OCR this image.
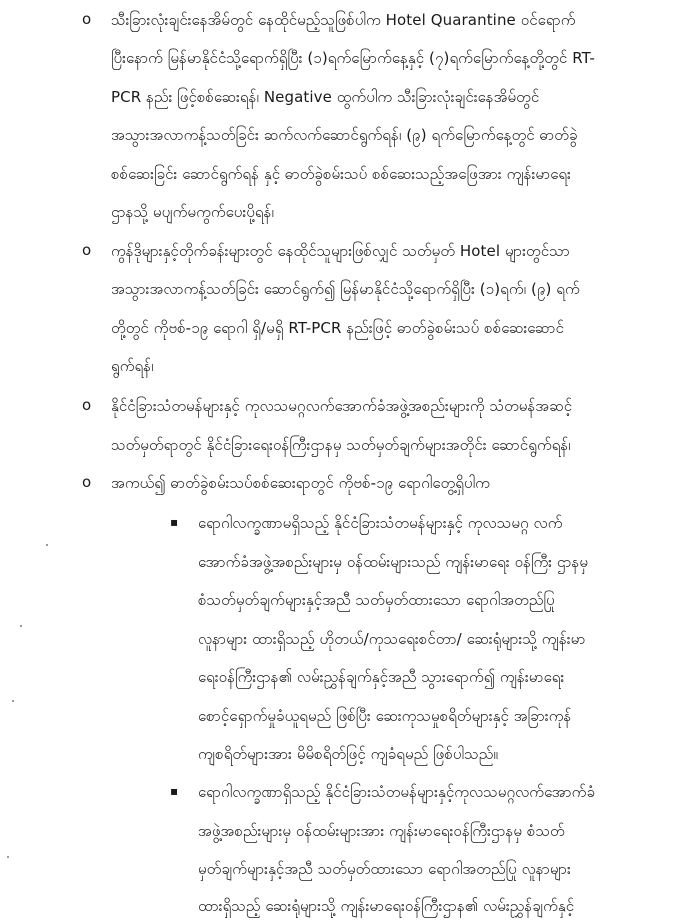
o သီးခြားလုံးချင်းနေအိမ်တွင် နေထိုင်မည့်သူဖြစ်ပါက Hotel Quarantine ဝင်ရောက်
ပြီးနောက် မြန်မာနိုင်ငံသို့ရောက်ရှိပြီး (၁)ရက်မြောက်နေ့နှင့် (၇)ရက်မြောက်နေ့တို့တွင် RT-
PCR နည်း ဖြင့်စစ်ဆေးရန်၊ Negative ထွက်ပါက သီးခြားလုံးချင်းနေအိမ်တွင်
အသွားအလာကန့်သတ်ခြင်း ဆက်လက်ဆောင်ရွက်ရန်၊ (၉) ရက်မြောက်နေ့တွင် ဓာတ်ခွဲ
စစ်ဆေးခြင်း ဆောင်ရွက်ရန် နှင့် ဓာတ်ခွဲစမ်းသပ် စစ်ဆေးသည့်အဖြေအား ကျန်းမာရေး
ဌာနသို့ မပျက်မကွက်ပေးပို့ရန်၊
o ကွန်ဒိုများနှင့်တိုက်ခန်းများတွင် နေထိုင်သူများဖြစ်လျှင် သတ်မှတ် Hotel များတွင်သာ
အသွားအလာကန့်သတ်ခြင်း ဆောင်ရွက်၍ မြန်မာနိုင်ငံသို့ရောက်ရှိပြီး (၁)ရက်၊ (၉) ရက်
တို့တွင် ကိုဗစ်-၁၉ ရောဂါ ရှိ/မရှိ RT-PCR နည်းဖြင့် ဓာတ်ခွဲစမ်းသပ် စစ်ဆေးဆောင်
ရွက်ရန်၊
o နိုင်ငံခြားသံတမန်များနှင့် ကုလသမဂ္ဂလက်အောက်ခံအဖွဲ့အစည်းများကို သံတမန်အဆင့်
သတ်မှတ်ရာတွင် နိုင်ငံခြားရေးဝန်ကြီးဌာနမှ သတ်မှတ်ချက်များအတိုင်း ဆောင်ရွက်ရန်၊
o အကယ်၍ ဓာတ်ခွဲစမ်းသပ်စစ်ဆေးရာတွင် ကိုဗစ်-၁၉ ရောဂါတွေ့ရှိပါက
▪ ရောဂါလက္ခဏာမရှိသည့် နိုင်ငံခြားသံတမန်များနှင့် ကုလသမဂ္ဂ လက်
အောက်ခံအဖွဲ့အစည်းများမှ ဝန်ထမ်းများသည် ကျန်းမာရေး ဝန်ကြီး ဌာနမှ
စံသတ်မှတ်ချက်များနှင့်အညီ သတ်မှတ်ထားသော ရောဂါအတည်ပြု
လူနာများ ထားရှိသည့် ဟိုတယ်/ကုသရေးစင်တာ/ ဆေးရုံများသို့ ကျန်းမာ
ရေးဝန်ကြီးဌာန၏ လမ်းညွှန်ချက်နှင့်အညီ သွားရောက်၍ ကျန်းမာရေး
စောင့်ရှောက်မှုခံယူရမည် ဖြစ်ပြီး ဆေးကုသမှုစရိတ်များနှင့် အခြားကုန်
ကျစရိတ်များအား မိမိစရိတ်ဖြင့် ကျခံရမည် ဖြစ်ပါသည်။
▪ ရောဂါလက္ခဏာရှိသည့် နိုင်ငံခြားသံတမန်များနှင့်ကုလသမဂ္ဂလက်အောက်ခံ
အဖွဲ့အစည်းများမှ ဝန်ထမ်းများအား ကျန်းမာရေးဝန်ကြီးဌာနမှ စံသတ်
မှတ်ချက်များနှင့်အညီ သတ်မှတ်ထားသော ရောဂါအတည်ပြု လူနာများ
ထားရှိသည့် ဆေးရုံများသို့ ကျန်းမာရေးဝန်ကြီးဌာန၏ လမ်းညွှန်ချက်နှင့်
